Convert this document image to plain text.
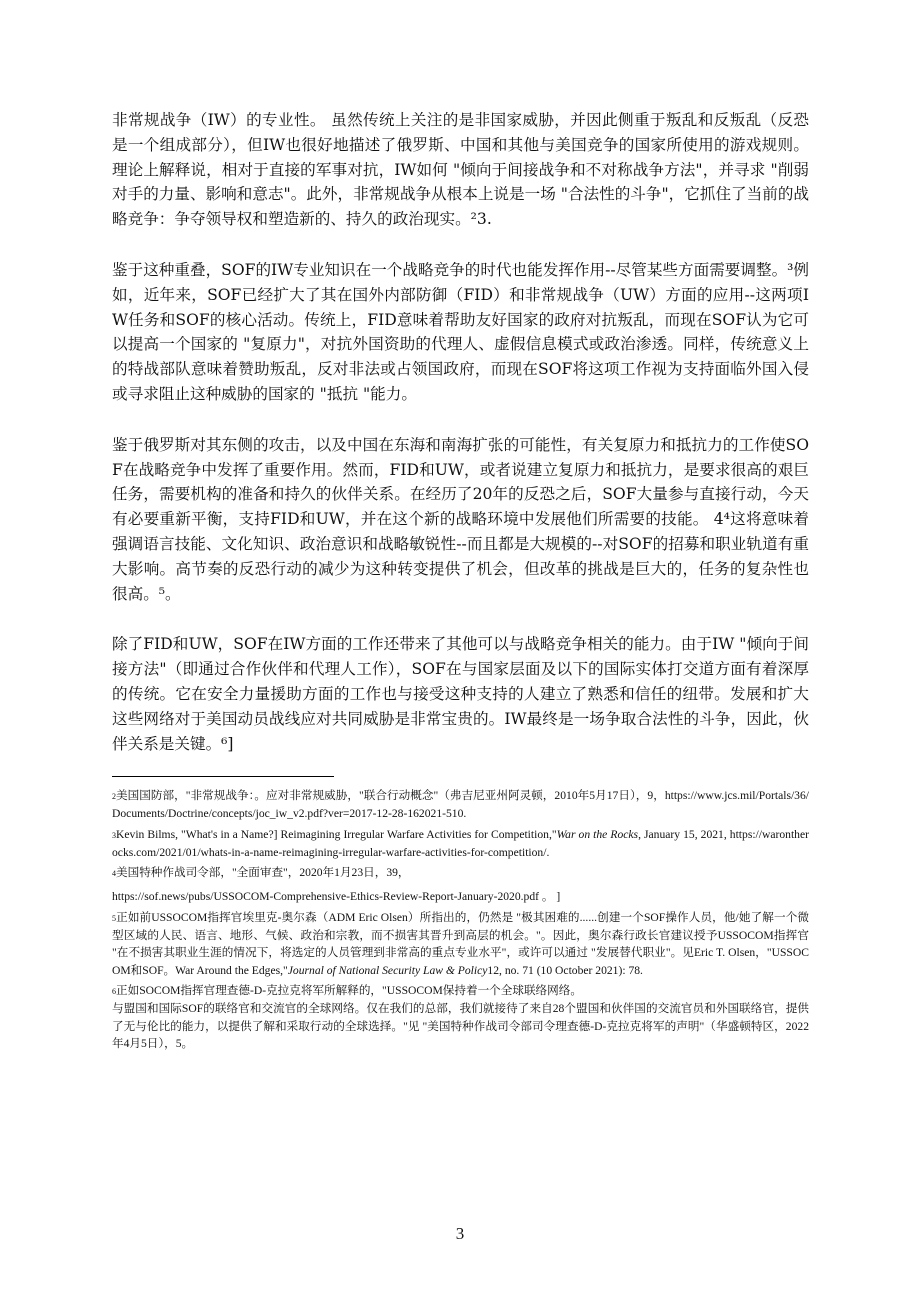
非常规战争（IW）的专业性。 虽然传统上关注的是非国家威胁，并因此侧重于叛乱和反叛乱（反恐是一个组成部分），但IW也很好地描述了俄罗斯、中国和其他与美国竞争的国家所使用的游戏规则。理论上解释说，相对于直接的军事对抗，IW如何 "倾向于间接战争和不对称战争方法"，并寻求 "削弱对手的力量、影响和意志"。此外，非常规战争从根本上说是一场 "合法性的斗争"，它抓住了当前的战略竞争：争夺领导权和塑造新的、持久的政治现实。²3.

鉴于这种重叠，SOF的IW专业知识在一个战略竞争的时代也能发挥作用--尽管某些方面需要调整。³例如，近年来，SOF已经扩大了其在国外内部防御（FID）和非常规战争（UW）方面的应用--这两项IW任务和SOF的核心活动。传统上，FID意味着帮助友好国家的政府对抗叛乱，而现在SOF认为它可以提高一个国家的 "复原力"，对抗外国资助的代理人、虚假信息模式或政治渗透。同样，传统意义上的特战部队意味着赞助叛乱，反对非法或占领国政府，而现在SOF将这项工作视为支持面临外国入侵或寻求阻止这种威胁的国家的 "抵抗 "能力。

鉴于俄罗斯对其东侧的攻击，以及中国在东海和南海扩张的可能性，有关复原力和抵抗力的工作使SOF在战略竞争中发挥了重要作用。然而，FID和UW，或者说建立复原力和抵抗力，是要求很高的艰巨任务，需要机构的准备和持久的伙伴关系。在经历了20年的反恐之后，SOF大量参与直接行动，今天有必要重新平衡，支持FID和UW，并在这个新的战略环境中发展他们所需要的技能。 4⁴这将意味着强调语言技能、文化知识、政治意识和战略敏锐性--而且都是大规模的--对SOF的招募和职业轨道有重大影响。高节奏的反恐行动的减少为这种转变提供了机会，但改革的挑战是巨大的，任务的复杂性也很高。⁵。

除了FID和UW，SOF在IW方面的工作还带来了其他可以与战略竞争相关的能力。由于IW "倾向于间接方法"（即通过合作伙伴和代理人工作），SOF在与国家层面及以下的国际实体打交道方面有着深厚的传统。它在安全力量援助方面的工作也与接受这种支持的人建立了熟悉和信任的纽带。发展和扩大这些网络对于美国动员战线应对共同威胁是非常宝贵的。IW最终是一场争取合法性的斗争，因此，伙伴关系是关键。⁶]

2美国国防部，"非常规战争：。应对非常规威胁，"联合行动概念"（弗吉尼亚州阿灵顿，2010年5月17日），9，https://www.jcs.mil/Portals/36/Documents/Doctrine/concepts/joc_iw_v2.pdf?ver=2017-12-28-162021-510.

3Kevin Bilms, "What's in a Name?] Reimagining Irregular Warfare Activities for Competition,"War on the Rocks, January 15, 2021, https://warontherocks.com/2021/01/whats-in-a-name-reimagining-irregular-warfare-activities-for-competition/.

4美国特种作战司令部，"全面审查"，2020年1月23日，39，

https://sof.news/pubs/USSOCOM-Comprehensive-Ethics-Review-Report-January-2020.pdf 。 ]

5正如前USSOCOM指挥官埃里克-奥尔森（ADM Eric Olsen）所指出的，仍然是 "极其困难的......创建一个SOF操作人员，他/她了解一个微型区域的人民、语言、地形、气候、政治和宗教，而不损害其晋升到高层的机会。"。因此，奥尔森行政长官建议授予USSOCOM指挥官 "在不损害其职业生涯的情况下，将选定的人员管理到非常高的重点专业水平"，或许可以通过 "发展替代职业"。见Eric T. Olsen，"USSOCOM和SOF。War Around the Edges,"Journal of National Security Law & Policy12, no. 71 (10 October 2021): 78.

6正如SOCOM指挥官理查德-D-克拉克将军所解释的，"USSOCOM保持着一个全球联络网络。

与盟国和国际SOF的联络官和交流官的全球网络。仅在我们的总部，我们就接待了来自28个盟国和伙伴国的交流官员和外国联络官，提供了无与伦比的能力，以提供了解和采取行动的全球选择。"见 "美国特种作战司令部司令理查德-D-克拉克将军的声明"（华盛顿特区，2022年4月5日），5。

3
